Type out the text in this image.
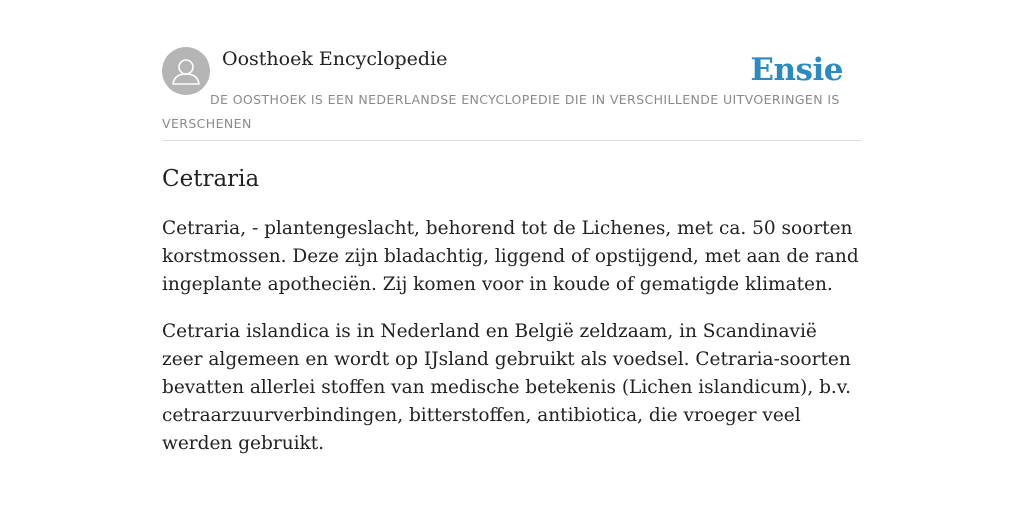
Oosthoek Encyclopedie	Ensie
DE OOSTHOEK IS EEN NEDERLANDSE ENCYCLOPEDIE DIE IN VERSCHILLENDE UITVOERINGEN IS VERSCHENEN
Cetraria

Cetraria, - plantengeslacht, behorend tot de Lichenes, met ca. 50 soorten korstmossen. Deze zijn bladachtig, liggend of opstijgend, met aan de rand ingeplante apotheciën. Zij komen voor in koude of gematigde klimaten.

Cetraria islandica is in Nederland en België zeldzaam, in Scandinavië zeer algemeen en wordt op IJsland gebruikt als voedsel. Cetraria-soorten bevatten allerlei stoffen van medische betekenis (Lichen islandicum), b.v. cetraarzuurverbindingen, bitterstoffen, antibiotica, die vroeger veel werden gebruikt.
